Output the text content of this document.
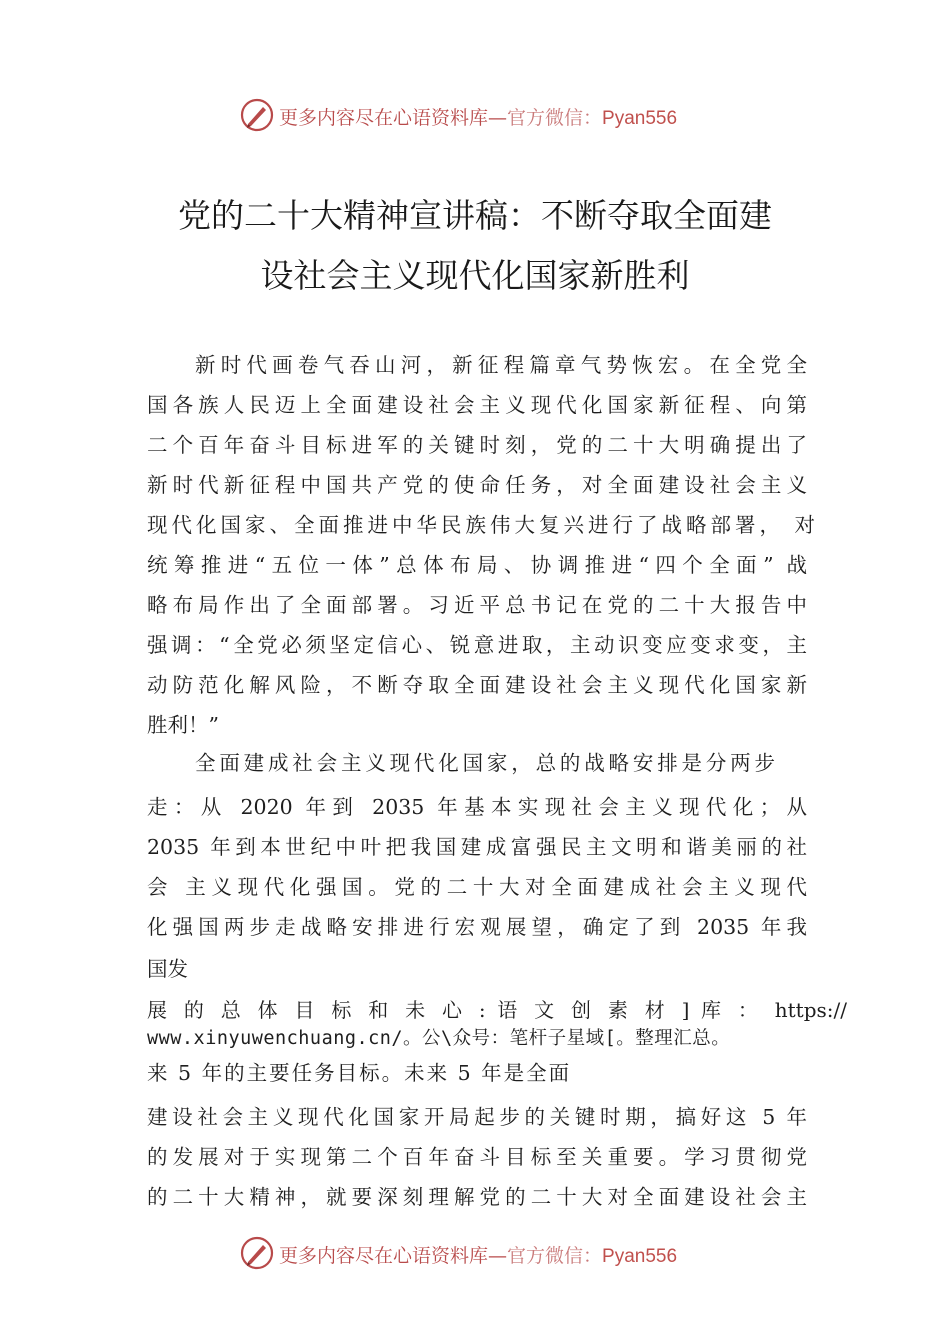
更多内容尽在心语资料库—官方微信：Pyan556
党的二十大精神宣讲稿：不断夺取全面建
设社会主义现代化国家新胜利
新时代画卷气吞山河，新征程篇章气势恢宏。在全党全
国各族人民迈上全面建设社会主义现代化国家新征程、向第
二个百年奋斗目标进军的关键时刻，党的二十大明确提出了
新时代新征程中国共产党的使命任务，对全面建设社会主义
现代化国家、全面推进中华民族伟大复兴进行了战略部署， 对
统筹推进“五位一体”总体布局、协调推进“四个全面” 战
略布局作出了全面部署。习近平总书记在党的二十大报告中
强调：“全党必须坚定信心、锐意进取，主动识变应变求变，主
动防范化解风险，不断夺取全面建设社会主义现代化国家新
胜利！”
全面建成社会主义现代化国家，总的战略安排是分两步
走：从 2020 年到 2035 年基本实现社会主义现代化；从
2035 年到本世纪中叶把我国建成富强民主文明和谐美丽的社
会 主义现代化强国。党的二十大对全面建成社会主义现代
化强国两步走战略安排进行宏观展望，确定了到 2035 年我
国发
展 的 总 体 目 标 和 未 心 : 语 文 创 素 材 ] 库 ： https://
www.xinyuwenchuang.cn/。公\众号：笔杆子星域[。整理汇总。
来 5 年的主要任务目标。未来 5 年是全面
建设社会主义现代化国家开局起步的关键时期，搞好这 5 年
的发展对于实现第二个百年奋斗目标至关重要。学习贯彻党
的二十大精神，就要深刻理解党的二十大对全面建设社会主
更多内容尽在心语资料库—官方微信：Pyan556
